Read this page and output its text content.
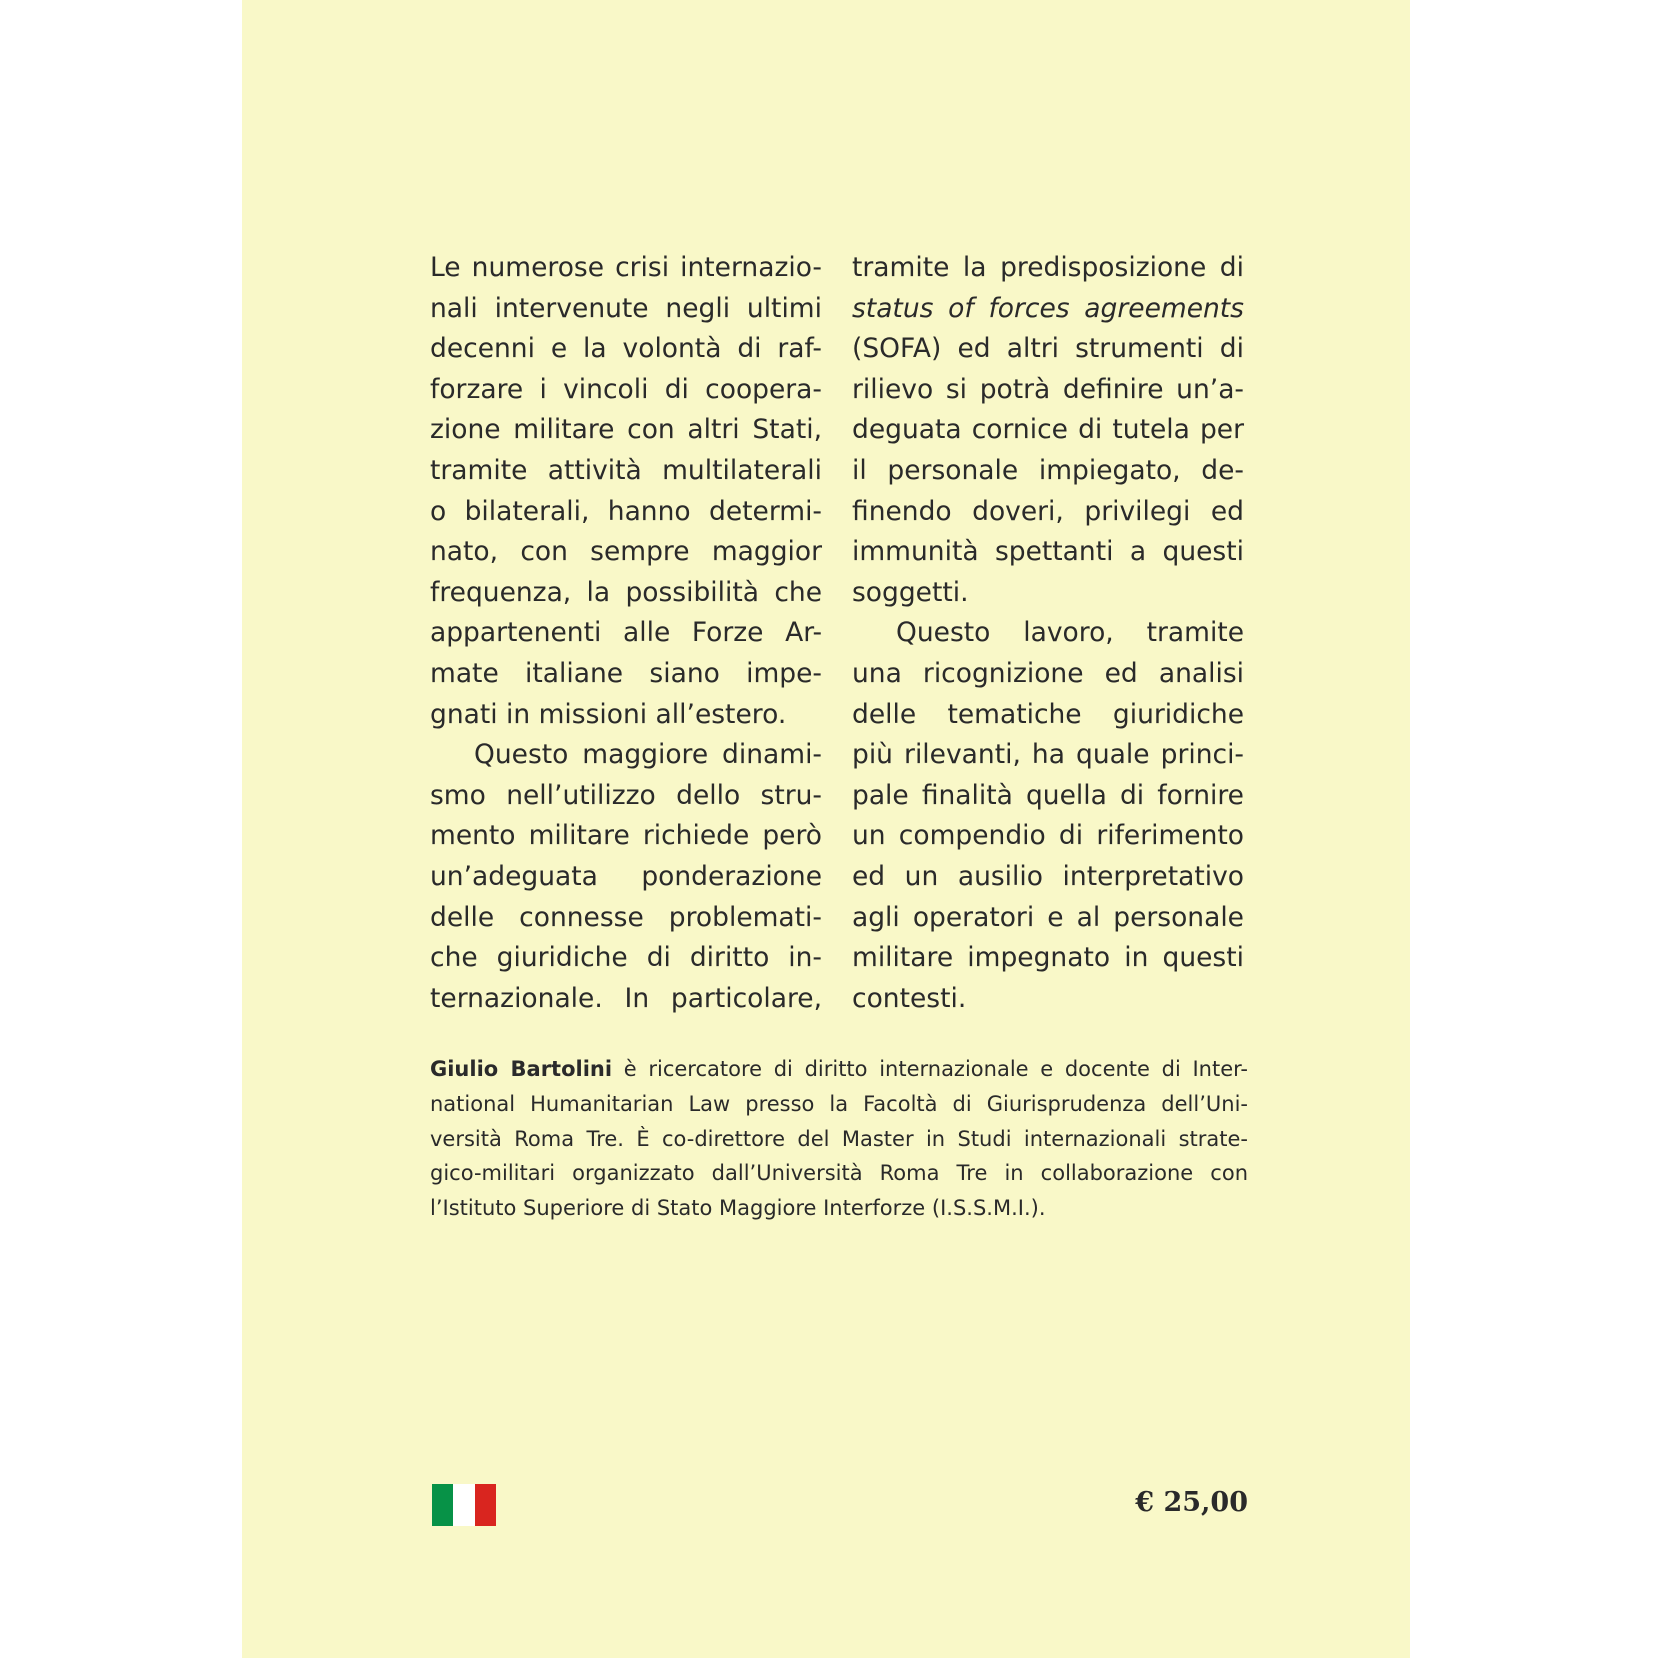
Le numerose crisi internazio-
nali intervenute negli ultimi
decenni e la volontà di raf-
forzare i vincoli di coopera-
zione militare con altri Stati,
tramite attività multilaterali
o bilaterali, hanno determi-
nato, con sempre maggior
frequenza, la possibilità che
appartenenti alle Forze Ar-
mate italiane siano impe-
gnati in missioni all’estero.
Questo maggiore dinami-
smo nell’utilizzo dello stru-
mento militare richiede però
un’adeguata ponderazione
delle connesse problemati-
che giuridiche di diritto in-
ternazionale. In particolare,
tramite la predisposizione di
status of forces agreements
(SOFA) ed altri strumenti di
rilievo si potrà definire un’a-
deguata cornice di tutela per
il personale impiegato, de-
finendo doveri, privilegi ed
immunità spettanti a questi
soggetti.
Questo lavoro, tramite
una ricognizione ed analisi
delle tematiche giuridiche
più rilevanti, ha quale princi-
pale finalità quella di fornire
un compendio di riferimento
ed un ausilio interpretativo
agli operatori e al personale
militare impegnato in questi
contesti.
Giulio Bartolini è ricercatore di diritto internazionale e docente di Inter-
national Humanitarian Law presso la Facoltà di Giurisprudenza dell’Uni-
versità Roma Tre. È co-direttore del Master in Studi internazionali strate-
gico-militari organizzato dall’Università Roma Tre in collaborazione con
l’Istituto Superiore di Stato Maggiore Interforze (I.S.S.M.I.).
€ 25,00
